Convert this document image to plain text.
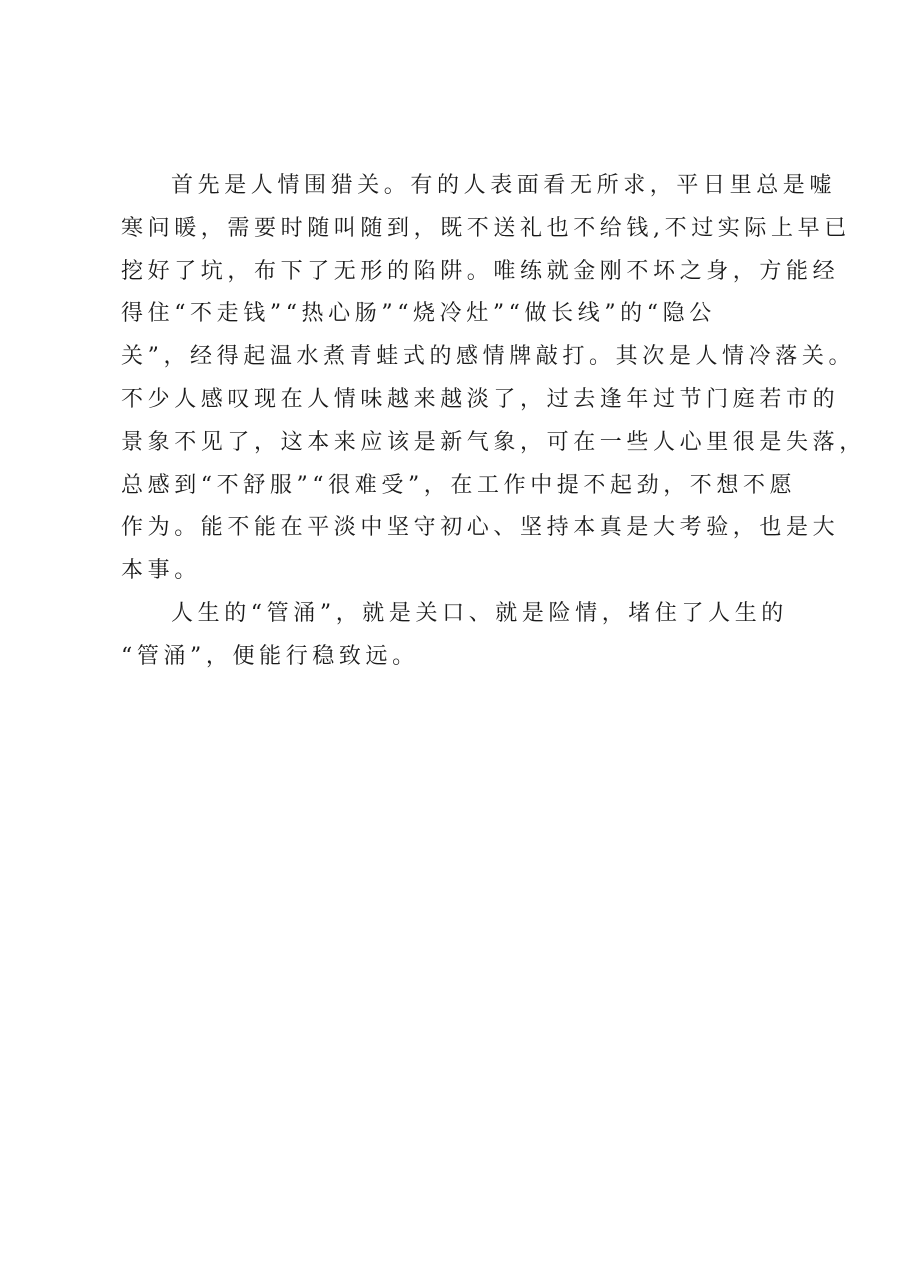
首先是人情围猎关。有的人表面看无所求，平日里总是嘘
寒问暖，需要时随叫随到，既不送礼也不给钱,不过实际上早已
挖好了坑，布下了无形的陷阱。唯练就金刚不坏之身，方能经
得住“不走钱”“热心肠”“烧冷灶”“做长线”的“隐公
关”，经得起温水煮青蛙式的感情牌敲打。其次是人情冷落关。
不少人感叹现在人情味越来越淡了，过去逢年过节门庭若市的
景象不见了，这本来应该是新气象，可在一些人心里很是失落，
总感到“不舒服”“很难受”，在工作中提不起劲，不想不愿
作为。能不能在平淡中坚守初心、坚持本真是大考验，也是大
本事。
人生的“管涌”，就是关口、就是险情，堵住了人生的
“管涌”，便能行稳致远。
